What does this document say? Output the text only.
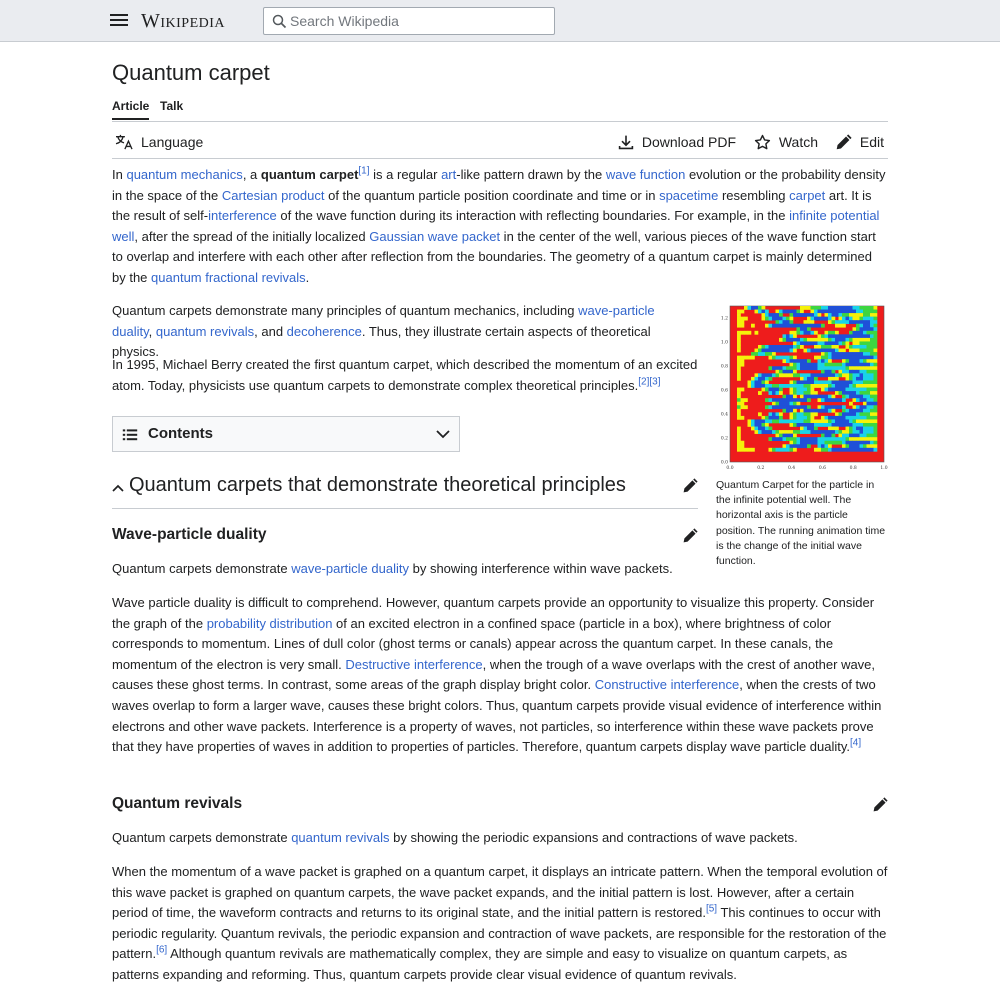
Wikipedia
Search Wikipedia
Quantum carpet
Article Talk
Language	Download PDF	Watch	Edit

In quantum mechanics, a quantum carpet[1] is a regular art-like pattern drawn by the wave function evolution or the probability density in the space of the Cartesian product of the quantum particle position coordinate and time or in spacetime resembling carpet art. It is the result of self-interference of the wave function during its interaction with reflecting boundaries. For example, in the infinite potential well, after the spread of the initially localized Gaussian wave packet in the center of the well, various pieces of the wave function start to overlap and interfere with each other after reflection from the boundaries. The geometry of a quantum carpet is mainly determined by the quantum fractional revivals.

Quantum carpets demonstrate many principles of quantum mechanics, including wave-particle duality, quantum revivals, and decoherence. Thus, they illustrate certain aspects of theoretical physics.

In 1995, Michael Berry created the first quantum carpet, which described the momentum of an excited atom. Today, physicists use quantum carpets to demonstrate complex theoretical principles.[2][3]

0.0	0.2	0.4	0.6	0.8	1.0
0.0
0.2
0.4
0.6
0.8
1.0
1.2
Quantum Carpet for the particle in the infinite potential well. The horizontal axis is the particle position. The running animation time is the change of the initial wave function.
Contents
Quantum carpets that demonstrate theoretical principles
Wave-particle duality

Quantum carpets demonstrate wave-particle duality by showing interference within wave packets.

Wave particle duality is difficult to comprehend. However, quantum carpets provide an opportunity to visualize this property. Consider the graph of the probability distribution of an excited electron in a confined space (particle in a box), where brightness of color corresponds to momentum. Lines of dull color (ghost terms or canals) appear across the quantum carpet. In these canals, the momentum of the electron is very small. Destructive interference, when the trough of a wave overlaps with the crest of another wave, causes these ghost terms. In contrast, some areas of the graph display bright color. Constructive interference, when the crests of two waves overlap to form a larger wave, causes these bright colors. Thus, quantum carpets provide visual evidence of interference within electrons and other wave packets. Interference is a property of waves, not particles, so interference within these wave packets prove that they have properties of waves in addition to properties of particles. Therefore, quantum carpets display wave particle duality.[4]

Quantum revivals

Quantum carpets demonstrate quantum revivals by showing the periodic expansions and contractions of wave packets.

When the momentum of a wave packet is graphed on a quantum carpet, it displays an intricate pattern. When the temporal evolution of this wave packet is graphed on quantum carpets, the wave packet expands, and the initial pattern is lost. However, after a certain period of time, the waveform contracts and returns to its original state, and the initial pattern is restored.[5] This continues to occur with periodic regularity. Quantum revivals, the periodic expansion and contraction of wave packets, are responsible for the restoration of the pattern.[6] Although quantum revivals are mathematically complex, they are simple and easy to visualize on quantum carpets, as patterns expanding and reforming. Thus, quantum carpets provide clear visual evidence of quantum revivals.
